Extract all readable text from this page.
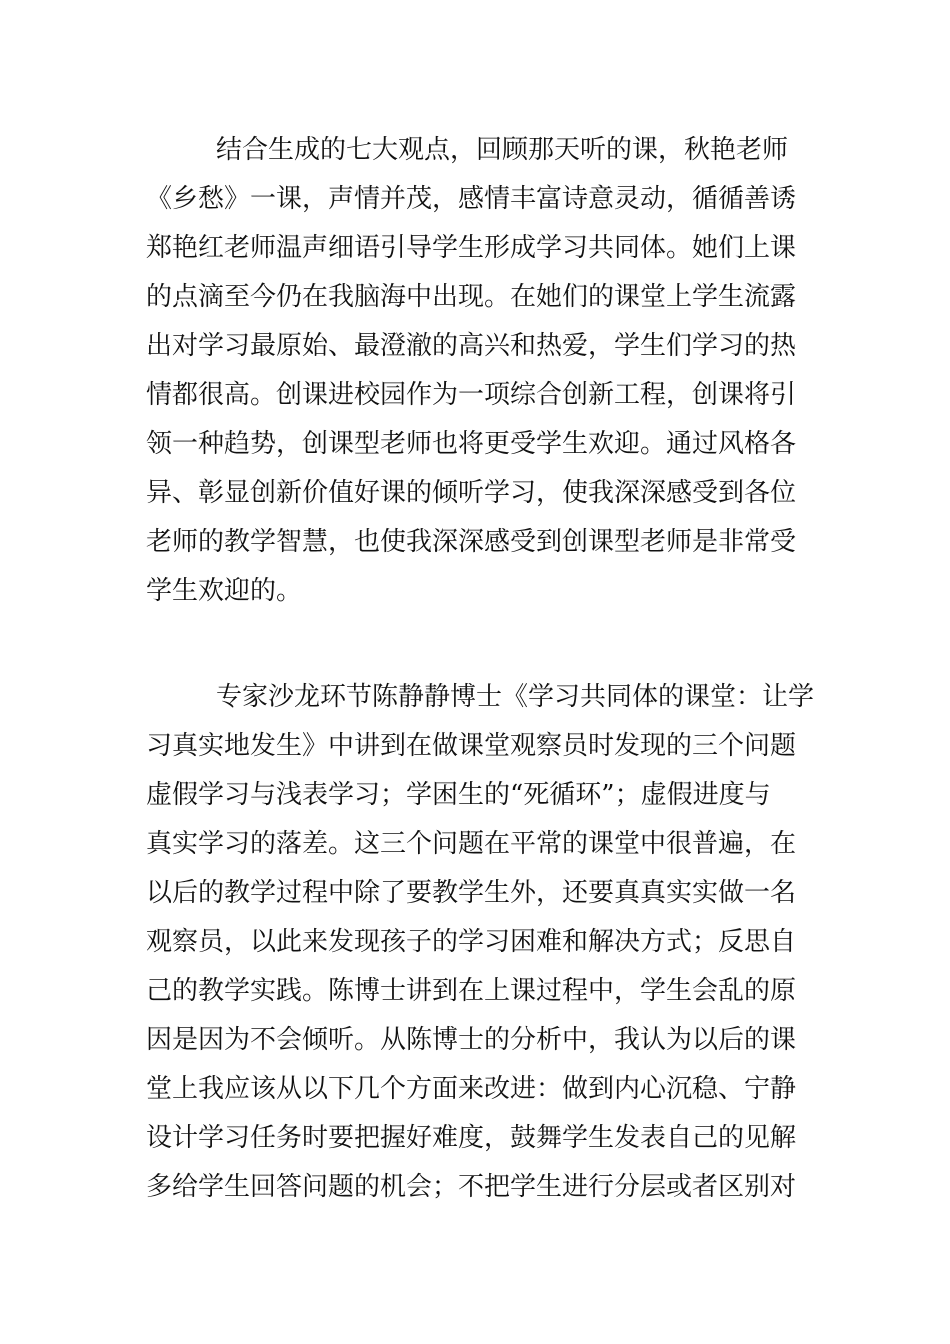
结合生成的七大观点，回顾那天听的课，秋艳老师
《乡愁》一课，声情并茂，感情丰富诗意灵动，循循善诱
郑艳红老师温声细语引导学生形成学习共同体。她们上课
的点滴至今仍在我脑海中出现。在她们的课堂上学生流露
出对学习最原始、最澄澈的高兴和热爱，学生们学习的热
情都很高。创课进校园作为一项综合创新工程，创课将引
领一种趋势，创课型老师也将更受学生欢迎。通过风格各
异、彰显创新价值好课的倾听学习，使我深深感受到各位
老师的教学智慧，也使我深深感受到创课型老师是非常受
学生欢迎的。
专家沙龙环节陈静静博士《学习共同体的课堂：让学
习真实地发生》中讲到在做课堂观察员时发现的三个问题
虚假学习与浅表学习；学困生的“死循环”；虚假进度与
真实学习的落差。这三个问题在平常的课堂中很普遍，在
以后的教学过程中除了要教学生外，还要真真实实做一名
观察员，以此来发现孩子的学习困难和解决方式；反思自
己的教学实践。陈博士讲到在上课过程中，学生会乱的原
因是因为不会倾听。从陈博士的分析中，我认为以后的课
堂上我应该从以下几个方面来改进：做到内心沉稳、宁静
设计学习任务时要把握好难度，鼓舞学生发表自己的见解
多给学生回答问题的机会；不把学生进行分层或者区别对
